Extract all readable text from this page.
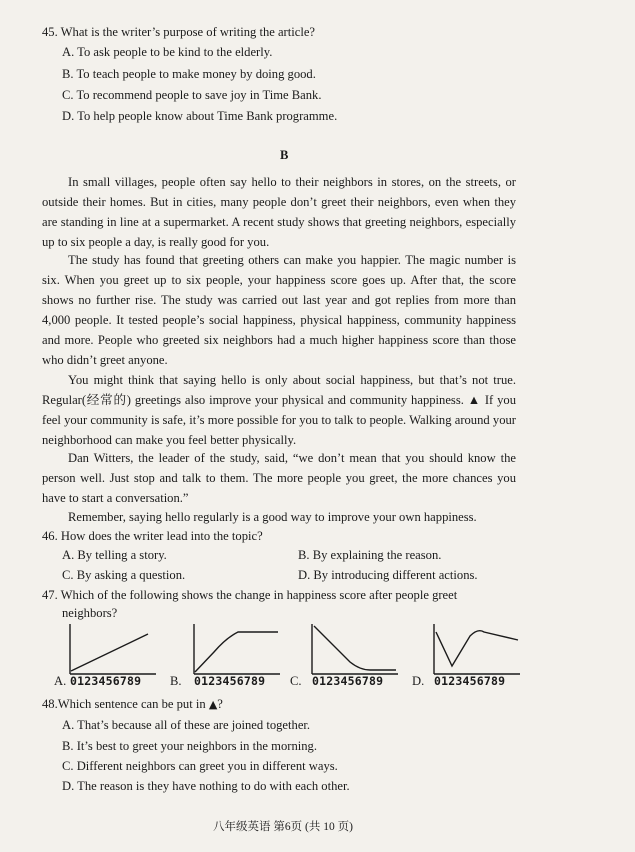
45. What is the writer’s purpose of writing the article?
A. To ask people to be kind to the elderly.
B. To teach people to make money by doing good.
C. To recommend people to save joy in Time Bank.
D. To help people know about Time Bank programme.
B
In small villages, people often say hello to their neighbors in stores, on the streets, or outside their homes. But in cities, many people don’t greet their neighbors, even when they are standing in line at a supermarket. A recent study shows that greeting neighbors, especially up to six people a day, is really good for you.
The study has found that greeting others can make you happier. The magic number is six. When you greet up to six people, your happiness score goes up. After that, the score shows no further rise. The study was carried out last year and got replies from more than 4,000 people. It tested people’s social happiness, physical happiness, community happiness and more. People who greeted six neighbors had a much higher happiness score than those who didn’t greet anyone.
You might think that saying hello is only about social happiness, but that’s not true. Regular(经常的) greetings also improve your physical and community happiness. ▲ If you feel your community is safe, it’s more possible for you to talk to people. Walking around your neighborhood can make you feel better physically.
Dan Witters, the leader of the study, said, “we don’t mean that you should know the person well. Just stop and talk to them. The more people you greet, the more chances you have to start a conversation.”
Remember, saying hello regularly is a good way to improve your own happiness.
46. How does the writer lead into the topic?
A. By telling a story.	B. By explaining the reason.
C. By asking a question.	D. By introducing different actions.
47. Which of the following shows the change in happiness score after people greet
neighbors?
A. 0123456789 B. 0123456789 C. 0123456789 D. 0123456789
48.Which sentence can be put in ▲?
A. That’s because all of these are joined together.
B. It’s best to greet your neighbors in the morning.
C. Different neighbors can greet you in different ways.
D. The reason is they have nothing to do with each other.
八年级英语 第6页 (共 10 页)
